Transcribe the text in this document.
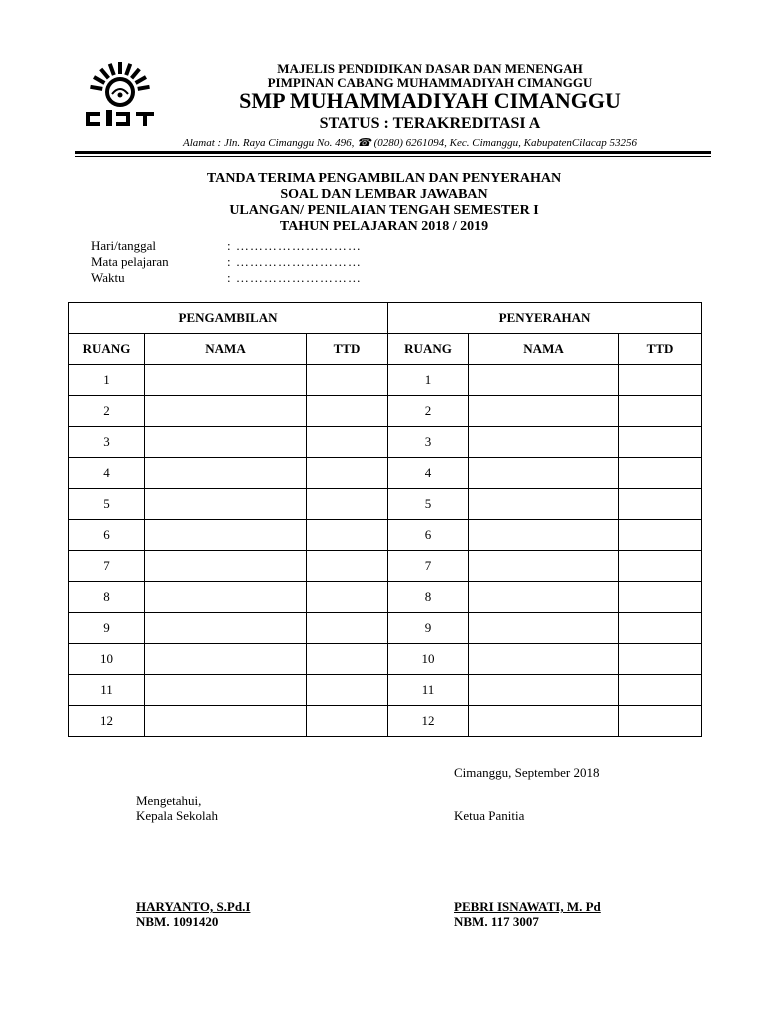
MAJELIS PENDIDIKAN DASAR DAN MENENGAH
PIMPINAN CABANG MUHAMMADIYAH CIMANGGU
SMP MUHAMMADIYAH CIMANGGU
STATUS : TERAKREDITASI A
Alamat : Jln. Raya Cimanggu No. 496, ☎ (0280) 6261094, Kec. Cimanggu, KabupatenCilacap 53256
TANDA TERIMA PENGAMBILAN DAN PENYERAHAN
SOAL DAN LEMBAR JAWABAN
ULANGAN/ PENILAIAN TENGAH SEMESTER I
TAHUN PELAJARAN 2018 / 2019
Hari/tanggal	: ………………………
Mata pelajaran	: ………………………
Waktu	: ………………………
PENGAMBILAN			PENYERAHAN		
RUANG	NAMA	TTD	RUANG	NAMA	TTD
1			1		
2			2		
3			3		
4			4		
5			5		
6			6		
7			7		
8			8		
9			9		
10			10		
11			11		
12			12		
Cimanggu, September 2018
Mengetahui,
Kepala Sekolah	Ketua Panitia
HARYANTO, S.Pd.I
NBM. 1091420
PEBRI ISNAWATI, M. Pd
NBM. 117 3007
